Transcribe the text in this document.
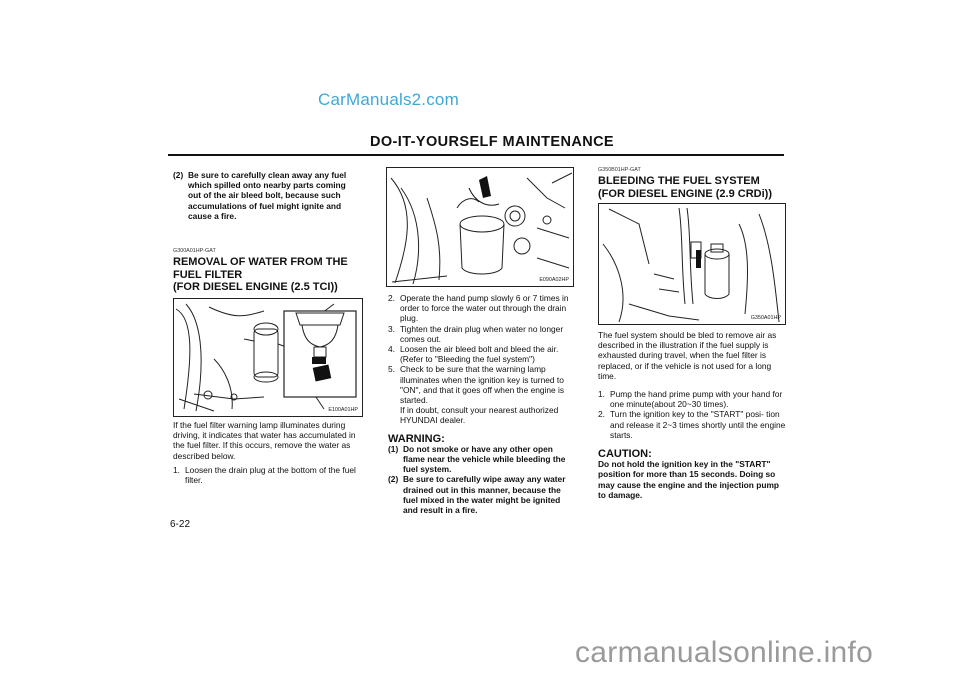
CarManuals2.com
DO-IT-YOURSELF MAINTENANCE
(2) Be sure to carefully clean away any fuel which spilled onto nearby parts coming out of the air bleed bolt, because such accumulations of fuel might ignite and cause a fire.
G300A01HP-GAT
REMOVAL OF WATER FROM THE
FUEL FILTER
(FOR DIESEL ENGINE (2.5 TCI))
E100A01HP

If the fuel filter warning lamp illuminates during driving, it indicates that water has accumulated in the fuel filter. If this occurs, remove the water as described below.

1. Loosen the drain plug at the bottom of the fuel filter.
6-22
E090A02HP
2. Operate the hand pump slowly 6 or 7 times in order to force the water out through the drain plug.
3. Tighten the drain plug when water no longer comes out.
4. Loosen the air bleed bolt and bleed the air. (Refer to "Bleeding the fuel system")
5. Check to be sure that the warning lamp illuminates when the ignition key is turned to "ON", and that it goes off when the engine is started.
If in doubt, consult your nearest authorized HYUNDAI dealer.
WARNING:
(1) Do not smoke or have any other open flame near the vehicle while bleeding the fuel system.
(2) Be sure to carefully wipe away any water drained out in this manner, because the fuel mixed in the water might be ignited and result in a fire.
G350B01HP-GAT
BLEEDING THE FUEL SYSTEM
(FOR DIESEL ENGINE (2.9 CRDi))
G350A01HP

The fuel system should be bled to remove air as described in the illustration if the fuel supply is exhausted during travel, when the fuel filter is replaced, or if the vehicle is not used for a long time.

1. Pump the hand prime pump with your hand for one minute(about 20~30 times).
2. Turn the ignition key to the "START" posi- tion and release it 2~3 times shortly until the engine starts.
CAUTION:

Do not hold the ignition key in the "START" position for more than 15 seconds. Doing so may cause the engine and the injection pump to damage.

carmanualsonline.info
